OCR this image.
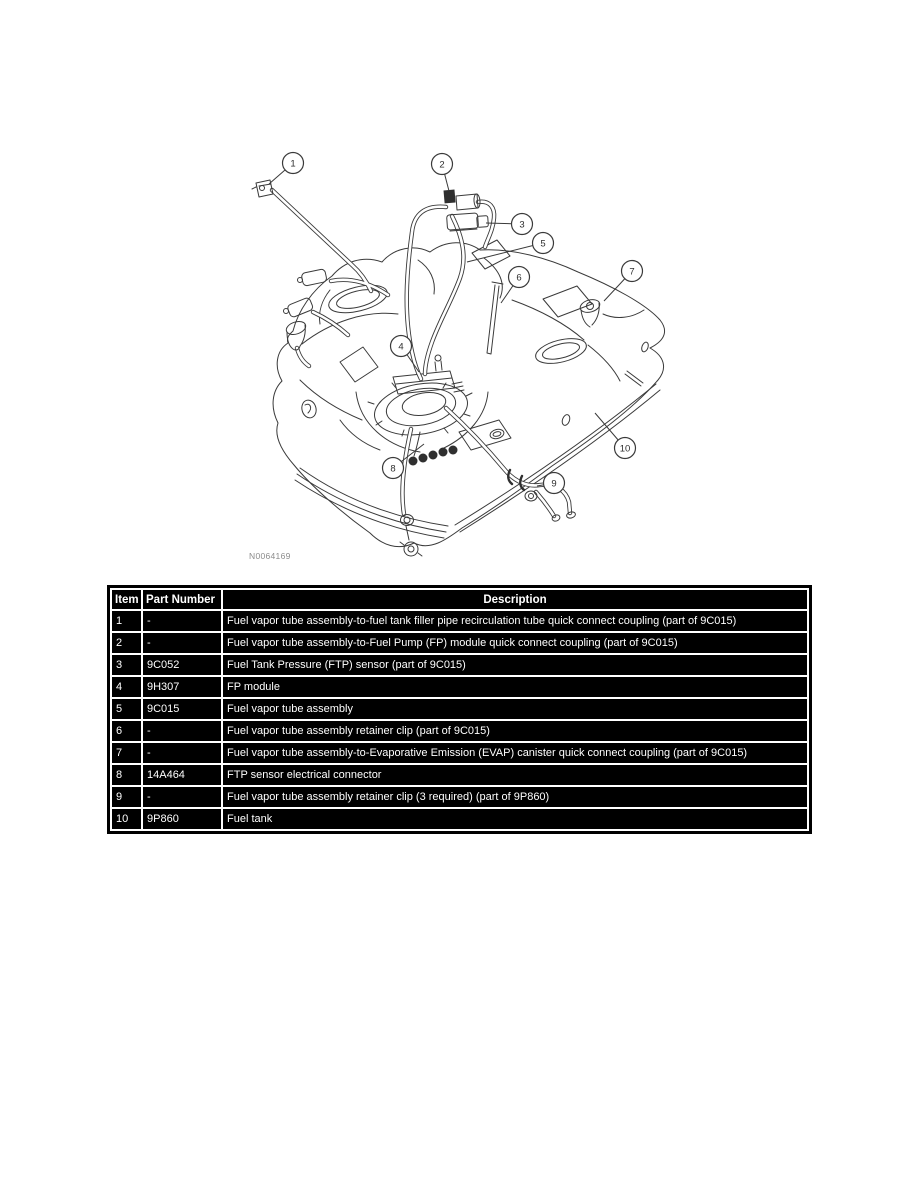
1	2
3
4
5
6
7
8
9
10
N0064169
Item	Part Number	Description
1	-	Fuel vapor tube assembly-to-fuel tank filler pipe recirculation tube quick connect coupling (part of 9C015)
2	-	Fuel vapor tube assembly-to-Fuel Pump (FP) module quick connect coupling (part of 9C015)
3	9C052	Fuel Tank Pressure (FTP) sensor (part of 9C015)
4	9H307	FP module
5	9C015	Fuel vapor tube assembly
6	-	Fuel vapor tube assembly retainer clip (part of 9C015)
7	-	Fuel vapor tube assembly-to-Evaporative Emission (EVAP) canister quick connect coupling (part of 9C015)
8	14A464	FTP sensor electrical connector
9	-	Fuel vapor tube assembly retainer clip (3 required) (part of 9P860)
10	9P860	Fuel tank
